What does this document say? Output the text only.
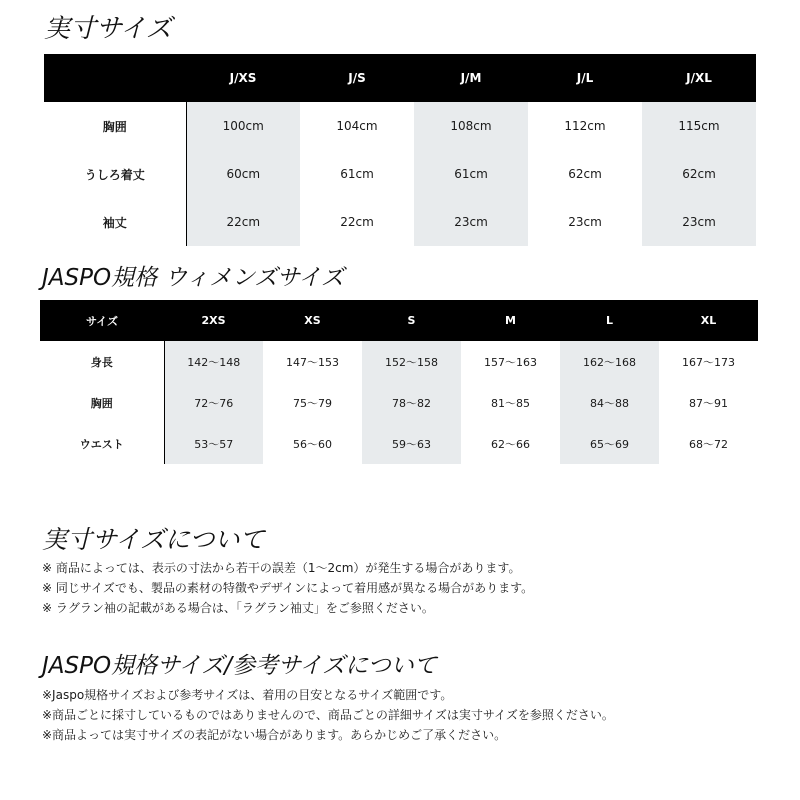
実寸サイズ
	J/XS	J/S	J/M	J/L	J/XL
胸囲	100cm	104cm	108cm	112cm	115cm
うしろ着丈	60cm	61cm	61cm	62cm	62cm
袖丈	22cm	22cm	23cm	23cm	23cm
JASPO規格 ウィメンズサイズ
サイズ	2XS	XS	S	M	L	XL
身長	142〜148	147〜153	152〜158	157〜163	162〜168	167〜173
胸囲	72〜76	75〜79	78〜82	81〜85	84〜88	87〜91
ウエスト	53〜57	56〜60	59〜63	62〜66	65〜69	68〜72
実寸サイズについて

※ 商品によっては、表示の寸法から若干の誤差（1〜2cm）が発生する場合があります。

※ 同じサイズでも、製品の素材の特徴やデザインによって着用感が異なる場合があります。

※ ラグラン袖の記載がある場合は、「ラグラン袖丈」をご参照ください。

JASPO規格サイズ/参考サイズについて

※Jaspo規格サイズおよび参考サイズは、着用の目安となるサイズ範囲です。

※商品ごとに採寸しているものではありませんので、商品ごとの詳細サイズは実寸サイズを参照ください。

※商品よっては実寸サイズの表記がない場合があります。あらかじめご了承ください。
